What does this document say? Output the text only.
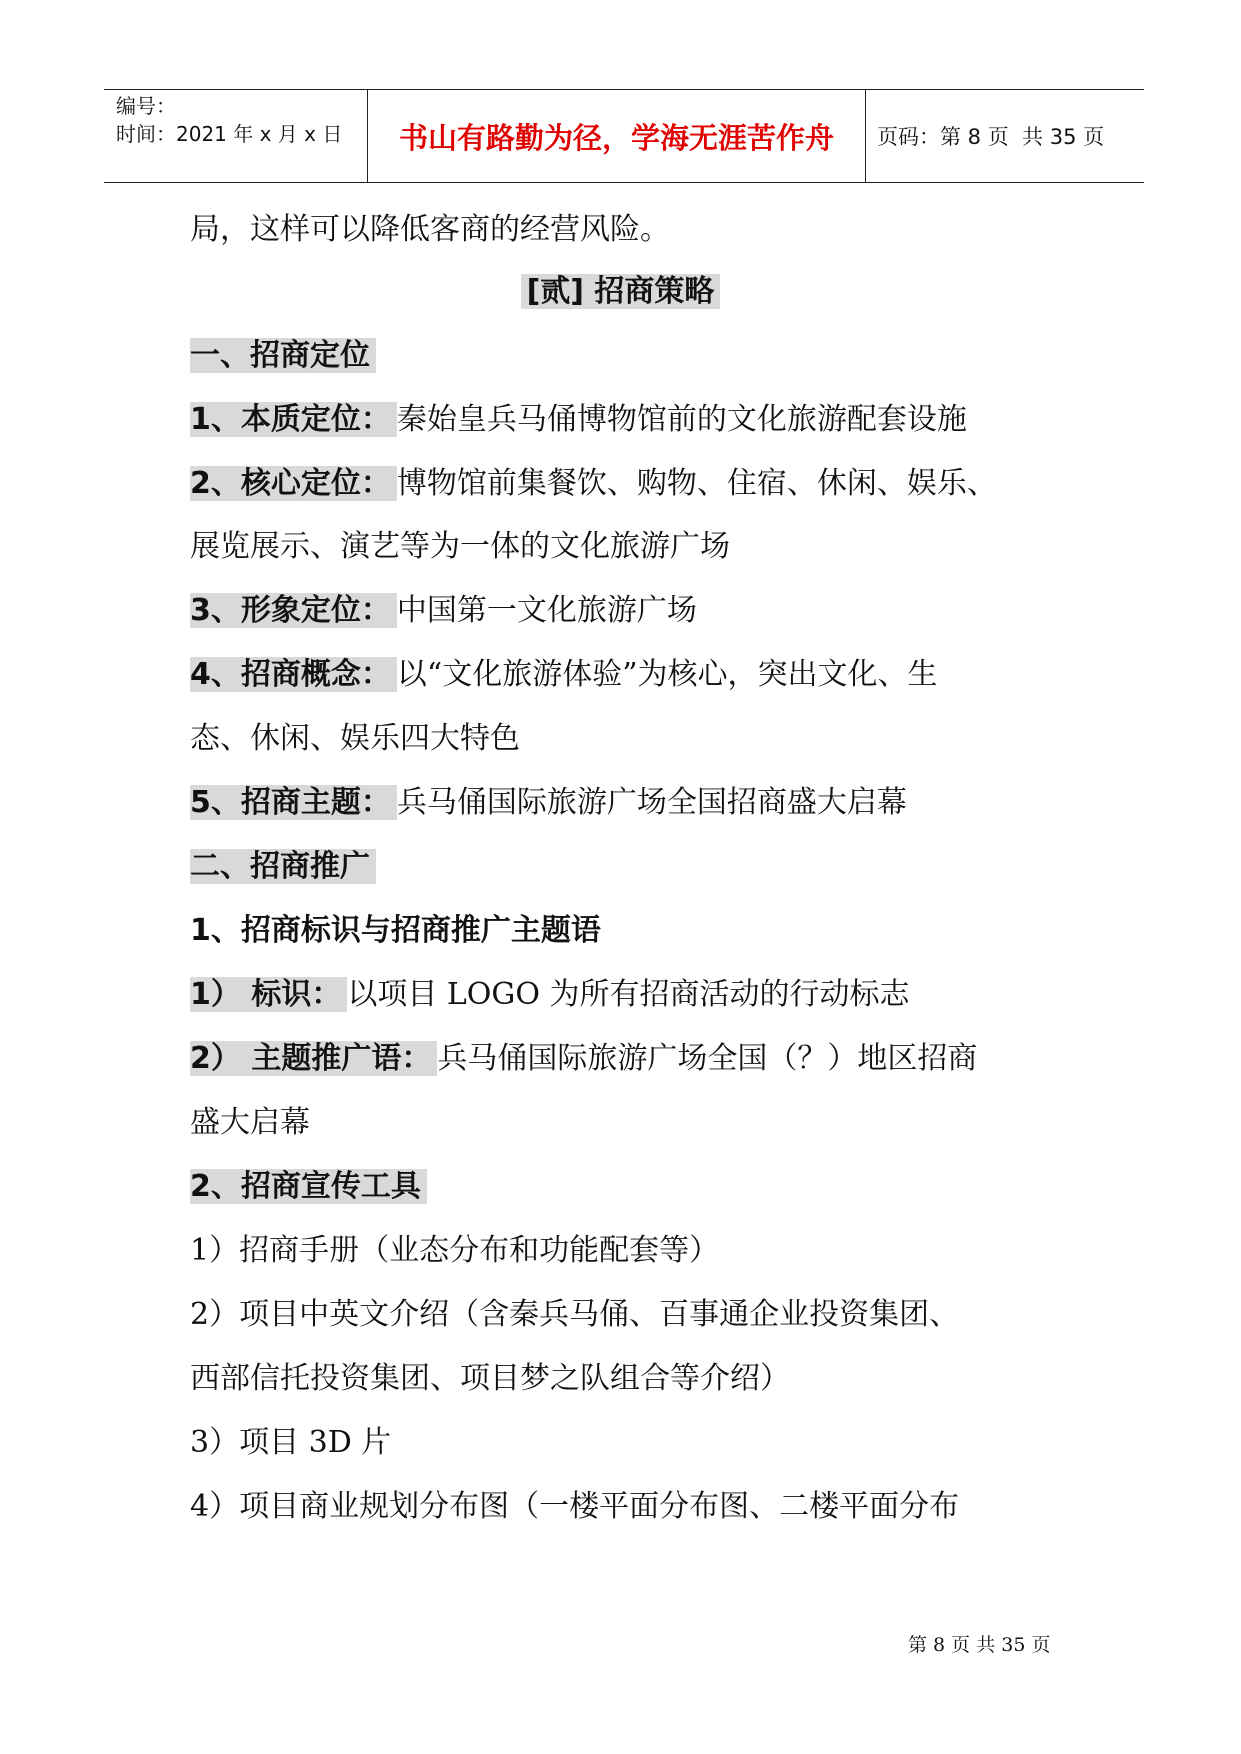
编号：
时间：2021 年 x 月 x 日	书山有路勤为径，学海无涯苦作舟	页码：第 8 页  共 35 页
局，这样可以降低客商的经营风险。
[贰] 招商策略
一、招商定位
1、本质定位： 秦始皇兵马俑博物馆前的文化旅游配套设施
2、核心定位： 博物馆前集餐饮、购物、住宿、休闲、娱乐、
展览展示、演艺等为一体的文化旅游广场
3、形象定位： 中国第一文化旅游广场
4、招商概念： 以“文化旅游体验”为核心，突出文化、生
态、休闲、娱乐四大特色
5、招商主题： 兵马俑国际旅游广场全国招商盛大启幕
二、招商推广
1、招商标识与招商推广主题语
1） 标识： 以项目 LOGO 为所有招商活动的行动标志
2） 主题推广语： 兵马俑国际旅游广场全国（？）地区招商
盛大启幕
2、招商宣传工具
1）招商手册（业态分布和功能配套等）
2）项目中英文介绍（含秦兵马俑、百事通企业投资集团、
西部信托投资集团、项目梦之队组合等介绍）
3）项目 3D 片
4）项目商业规划分布图（一楼平面分布图、二楼平面分布
第 8 页 共 35 页
